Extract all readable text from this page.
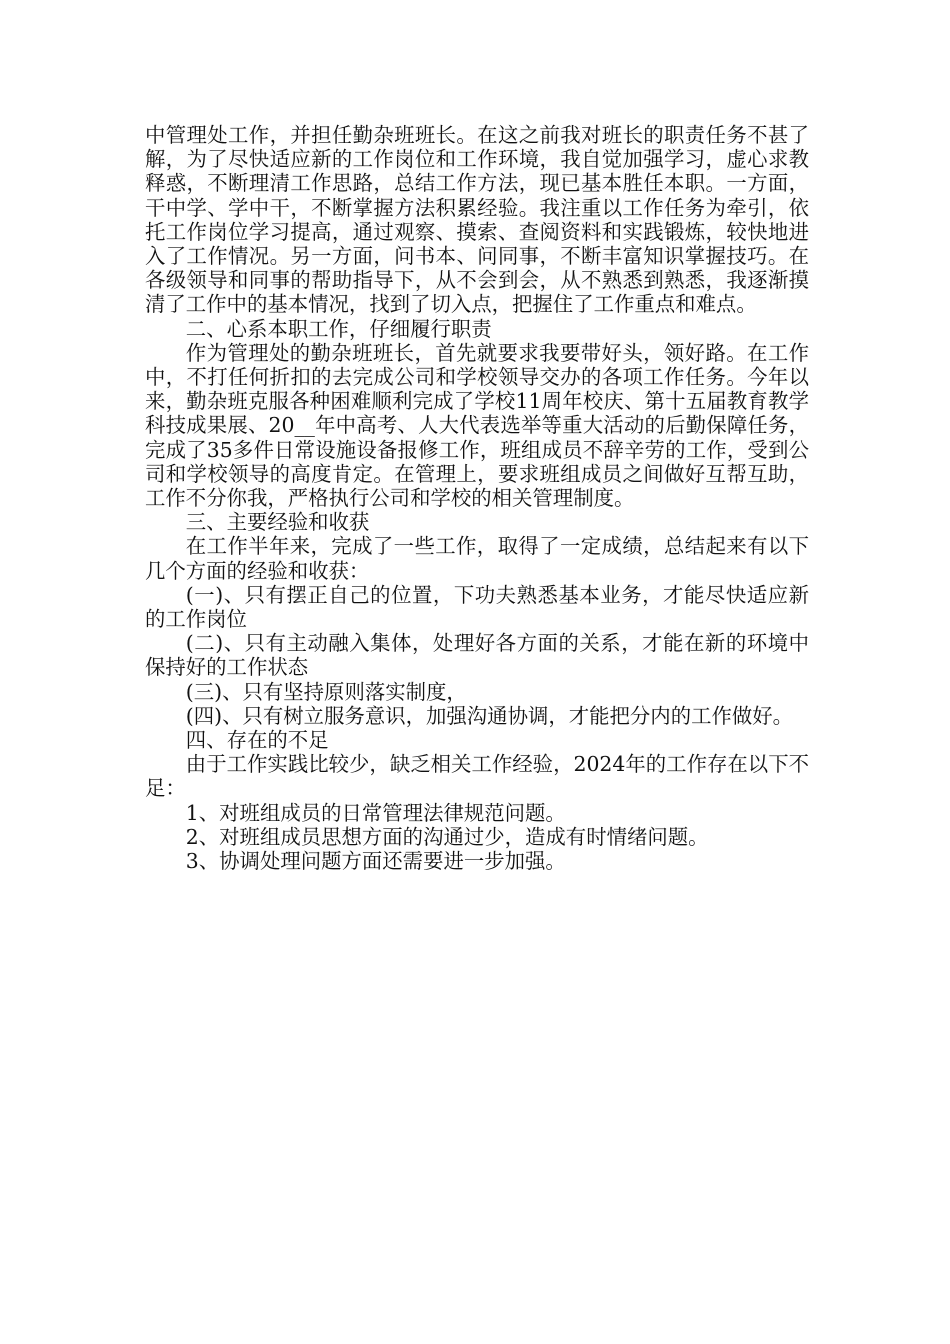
中管理处工作，并担任勤杂班班长。在这之前我对班长的职责任务不甚了解，为了尽快适应新的工作岗位和工作环境，我自觉加强学习，虚心求教释惑，不断理清工作思路，总结工作方法，现已基本胜任本职。一方面，干中学、学中干，不断掌握方法积累经验。我注重以工作任务为牵引，依托工作岗位学习提高，通过观察、摸索、查阅资料和实践锻炼，较快地进入了工作情况。另一方面，问书本、问同事，不断丰富知识掌握技巧。在各级领导和同事的帮助指导下，从不会到会，从不熟悉到熟悉，我逐渐摸清了工作中的基本情况，找到了切入点，把握住了工作重点和难点。

二、心系本职工作，仔细履行职责

作为管理处的勤杂班班长，首先就要求我要带好头，领好路。在工作中，不打任何折扣的去完成公司和学校领导交办的各项工作任务。今年以来，勤杂班克服各种困难顺利完成了学校11周年校庆、第十五届教育教学科技成果展、20__年中高考、人大代表选举等重大活动的后勤保障任务，完成了35多件日常设施设备报修工作，班组成员不辞辛劳的工作，受到公司和学校领导的高度肯定。在管理上，要求班组成员之间做好互帮互助，工作不分你我，严格执行公司和学校的相关管理制度。

三、主要经验和收获

在工作半年来，完成了一些工作，取得了一定成绩，总结起来有以下几个方面的经验和收获：

(一)、只有摆正自己的位置，下功夫熟悉基本业务，才能尽快适应新的工作岗位

(二)、只有主动融入集体，处理好各方面的关系，才能在新的环境中保持好的工作状态

(三)、只有坚持原则落实制度，

(四)、只有树立服务意识，加强沟通协调，才能把分内的工作做好。

四、存在的不足

由于工作实践比较少，缺乏相关工作经验，2024年的工作存在以下不足：

1、对班组成员的日常管理法律规范问题。

2、对班组成员思想方面的沟通过少，造成有时情绪问题。

3、协调处理问题方面还需要进一步加强。
